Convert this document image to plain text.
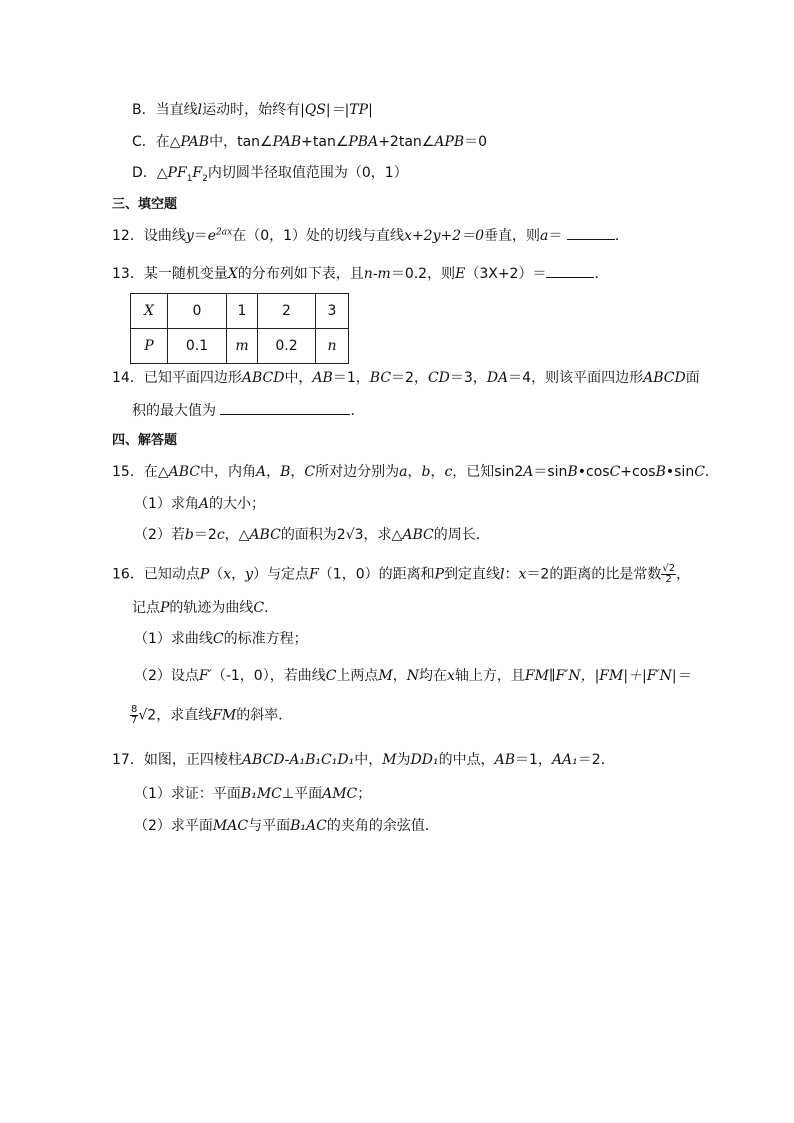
B．当直线l运动时，始终有|QS|＝|TP|
C．在△PAB中，tan∠PAB+tan∠PBA+2tan∠APB＝0
D．$\triangle PF_1F_2$内切圆半径取值范围为（0，1）
三、填空题
12．设曲线$y=e^{2ax}$在（0，1）处的切线与直线x+2y+2＝0垂直，则a＝	．
13．某一随机变量X的分布列如下表，且n-m＝0.2，则E（3X+2）＝	．
X	0	1	2	3
P	0.1	m	0.2	n
14．已知平面四边形ABCD中，AB＝1，BC＝2，CD＝3，DA＝4，则该平面四边形ABCD面
积的最大值为	．
四、解答题
15．在△ABC中，内角A，B，C所对边分别为a，b，c，已知sin2A＝sinB•cosC+cosB•sinC．
（1）求角A的大小；
（2）若b＝2c，△ABC的面积为2√3，求△ABC的周长．
16．已知动点P（x，y）与定点F（1，0）的距离和P到定直线l：x＝2的距离的比是常数 $\frac{√2}{2}$ ，
记点P的轨迹为曲线C．
（1）求曲线C的标准方程；
（2）设点F′（-1，0），若曲线C上两点M，N均在x轴上方，且FM∥F′N，|FM|＋|F′N|＝
$\frac{8}{7} √2$，求直线FM的斜率．
17．如图，正四棱柱ABCD-A₁B₁C₁D₁中，M为DD₁的中点，AB＝1，AA₁＝2．
（1）求证：平面B₁MC⊥平面AMC；
（2）求平面MAC与平面B₁AC的夹角的余弦值．
